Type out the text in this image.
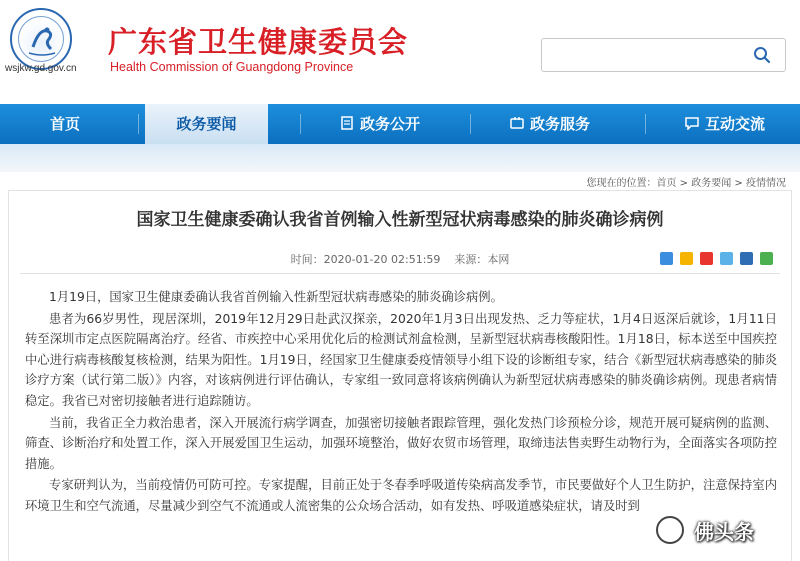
wsjkw.gd.gov.cn
广东省卫生健康委员会
Health Commission of Guangdong Province
首页	政务要闻	政务公开	政务服务	互动交流
您现在的位置：首页 > 政务要闻 > 疫情情况
国家卫生健康委确认我省首例输入性新型冠状病毒感染的肺炎确诊病例
时间：2020-01-20 02:51:59 来源：本网

1月19日，国家卫生健康委确认我省首例输入性新型冠状病毒感染的肺炎确诊病例。

患者为66岁男性，现居深圳，2019年12月29日赴武汉探亲，2020年1月3日出现发热、乏力等症状，1月4日返深后就诊，1月11日转至深圳市定点医院隔离治疗。经省、市疾控中心采用优化后的检测试剂盒检测，呈新型冠状病毒核酸阳性。1月18日，标本送至中国疾控中心进行病毒核酸复核检测，结果为阳性。1月19日，经国家卫生健康委疫情领导小组下设的诊断组专家，结合《新型冠状病毒感染的肺炎诊疗方案（试行第二版）》内容，对该病例进行评估确认，专家组一致同意将该病例确认为新型冠状病毒感染的肺炎确诊病例。现患者病情稳定。我省已对密切接触者进行追踪随访。

当前，我省正全力救治患者，深入开展流行病学调查，加强密切接触者跟踪管理，强化发热门诊预检分诊，规范开展可疑病例的监测、筛查、诊断治疗和处置工作，深入开展爱国卫生运动，加强环境整治，做好农贸市场管理，取缔违法售卖野生动物行为，全面落实各项防控措施。

专家研判认为，当前疫情仍可防可控。专家提醒，目前正处于冬春季呼吸道传染病高发季节，市民要做好个人卫生防护，注意保持室内环境卫生和空气流通，尽量减少到空气不流通或人流密集的公众场合活动，如有发热、呼吸道感染症状，请及时到

佛头条
